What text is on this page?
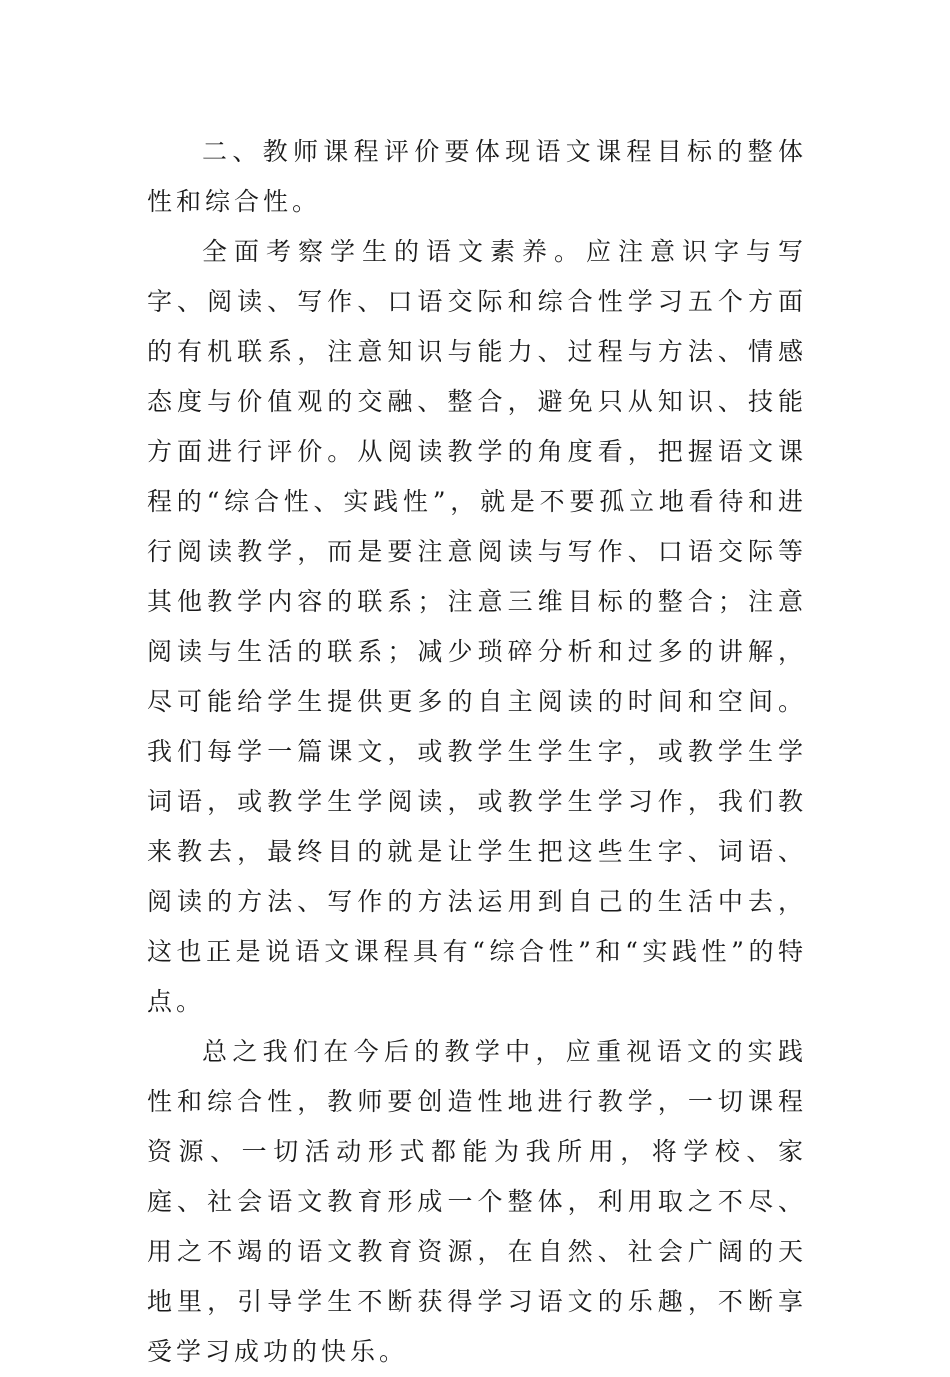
二、教师课程评价要体现语文课程目标的整体性和综合性。

全面考察学生的语文素养。应注意识字与写字、阅读、写作、口语交际和综合性学习五个方面的有机联系，注意知识与能力、过程与方法、情感态度与价值观的交融、整合，避免只从知识、技能方面进行评价。从阅读教学的角度看，把握语文课程的“综合性、实践性”，就是不要孤立地看待和进行阅读教学，而是要注意阅读与写作、口语交际等其他教学内容的联系；注意三维目标的整合；注意阅读与生活的联系；减少琐碎分析和过多的讲解，尽可能给学生提供更多的自主阅读的时间和空间。 我们每学一篇课文，或教学生学生字，或教学生学词语，或教学生学阅读，或教学生学习作，我们教来教去，最终目的就是让学生把这些生字、词语、阅读的方法、写作的方法运用到自己的生活中去，这也正是说语文课程具有“综合性”和“实践性”的特点。

总之我们在今后的教学中，应重视语文的实践性和综合性，教师要创造性地进行教学，一切课程资源、一切活动形式都能为我所用，将学校、家庭、社会语文教育形成一个整体，利用取之不尽、用之不竭的语文教育资源，在自然、社会广阔的天地里，引导学生不断获得学习语文的乐趣，不断享受学习成功的快乐。
